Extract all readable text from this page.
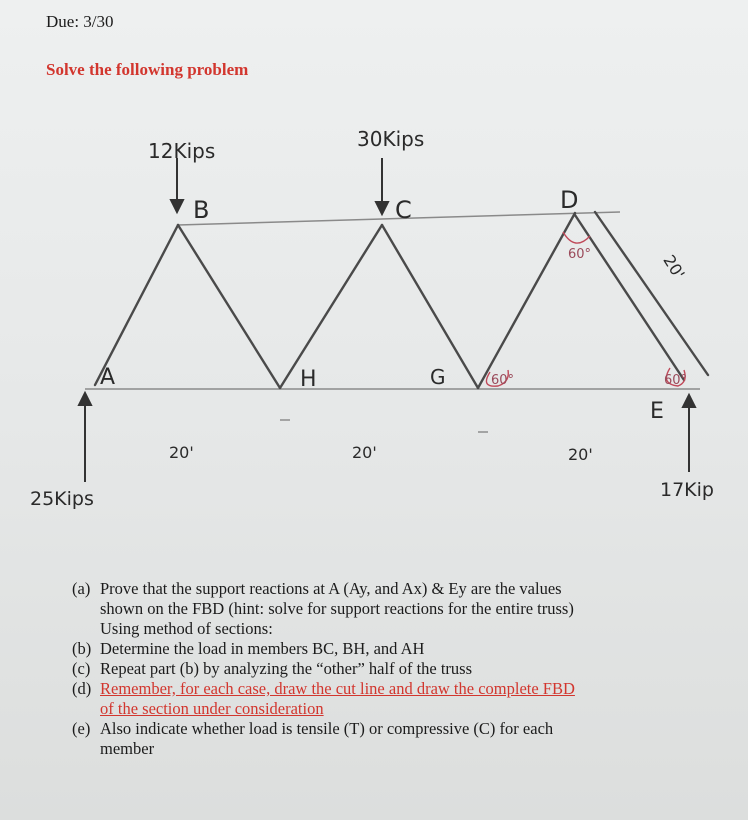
Due: 3/30
Solve the following problem
12Kips	30Kips
B	C	D
A	H	G
E
20'	20'	20'
20'
60°
60°	60°
25Kips	17Kip
(a) Prove that the support reactions at A (Ay, and Ax) & Ey are the values
shown on the FBD (hint: solve for support reactions for the entire truss)
Using method of sections:
(b) Determine the load in members BC, BH, and AH
(c) Repeat part (b) by analyzing the “other” half of the truss
(d) Remember, for each case, draw the cut line and draw the complete FBD
of the section under consideration
(e) Also indicate whether load is tensile (T) or compressive (C) for each
member
